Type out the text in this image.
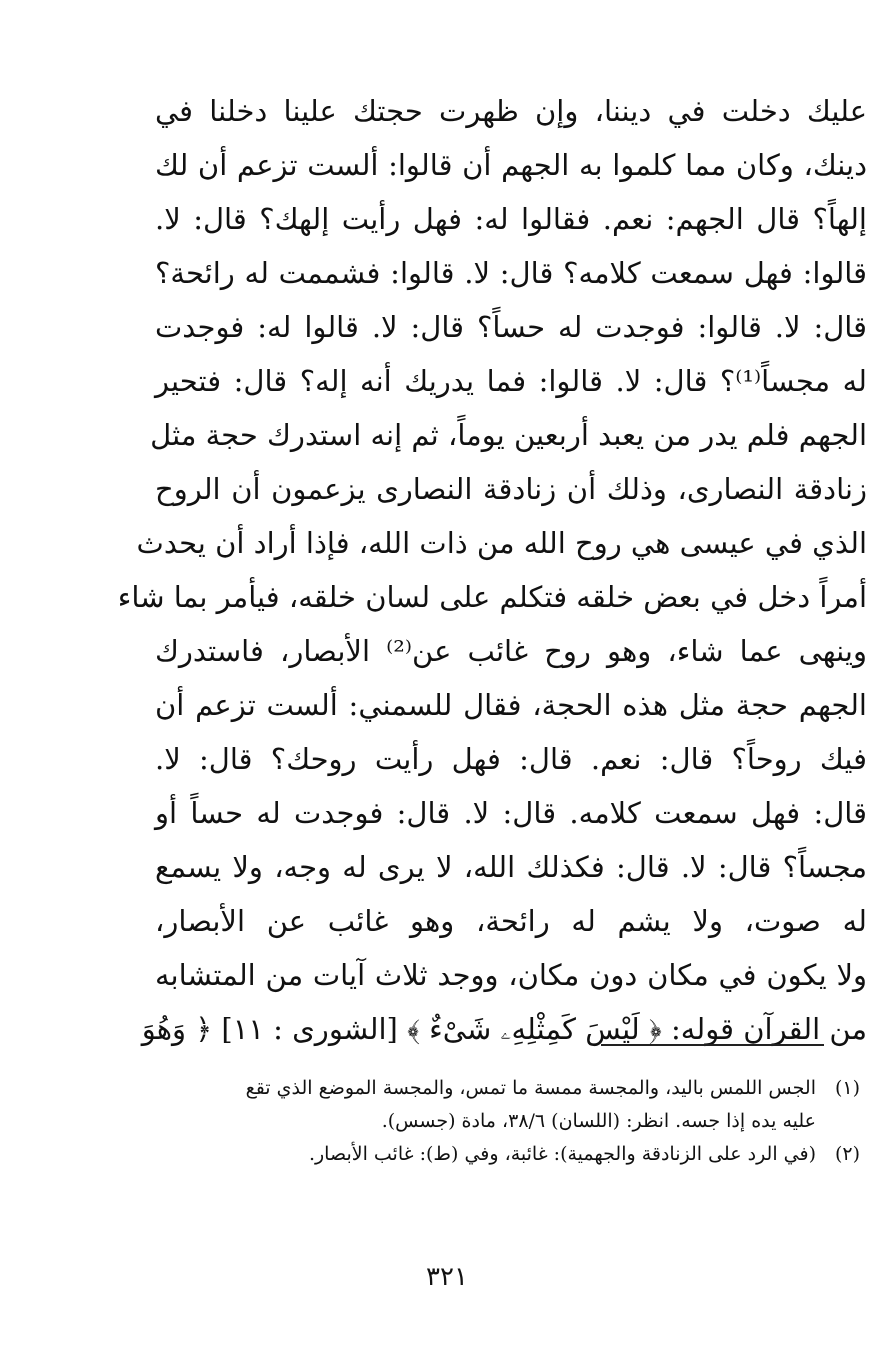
عليك دخلت في ديننا، وإن ظهرت حجتك علينا دخلنا في
دينك، وكان مما كلموا به الجهم أن قالوا: ألست تزعم أن لك
إلهاً؟ قال الجهم: نعم. فقالوا له: فهل رأيت إلهك؟ قال: لا.
قالوا: فهل سمعت كلامه؟ قال: لا. قالوا: فشممت له رائحة؟
قال: لا. قالوا: فوجدت له حساً؟ قال: لا. قالوا له: فوجدت
له مجساً⁽¹⁾؟ قال: لا. قالوا: فما يدريك أنه إله؟ قال: فتحير
الجهم فلم يدر من يعبد أربعين يوماً، ثم إنه استدرك حجة مثل
زنادقة النصارى، وذلك أن زنادقة النصارى يزعمون أن الروح
الذي في عيسى هي روح الله من ذات الله، فإذا أراد أن يحدث
أمراً دخل في بعض خلقه فتكلم على لسان خلقه، فيأمر بما شاء
وينهى عما شاء، وهو روح غائب عن⁽²⁾ الأبصار، فاستدرك
الجهم حجة مثل هذه الحجة، فقال للسمني: ألست تزعم أن
فيك روحاً؟ قال: نعم. قال: فهل رأيت روحك؟ قال: لا.
قال: فهل سمعت كلامه. قال: لا. قال: فوجدت له حساً أو
مجساً؟ قال: لا. قال: فكذلك الله، لا يرى له وجه، ولا يسمع
له صوت، ولا يشم له رائحة، وهو غائب عن الأبصار،
ولا يكون في مكان دون مكان، ووجد ثلاث آيات من المتشابه
من القرآن قوله: ﴿ لَيْسَ كَمِثْلِهِۦ شَىْءٌ ﴾ [الشورى : ١١] ﴿ وَهُوَ
(١)الجس اللمس باليد، والمجسة ممسة ما تمس، والمجسة الموضع الذي تقع
عليه يده إذا جسه. انظر: (اللسان) ٣٨/٦، مادة (جسس).
(٢)(في الرد على الزنادقة والجهمية): غائبة، وفي (ط): غائب الأبصار.
٣٢١
